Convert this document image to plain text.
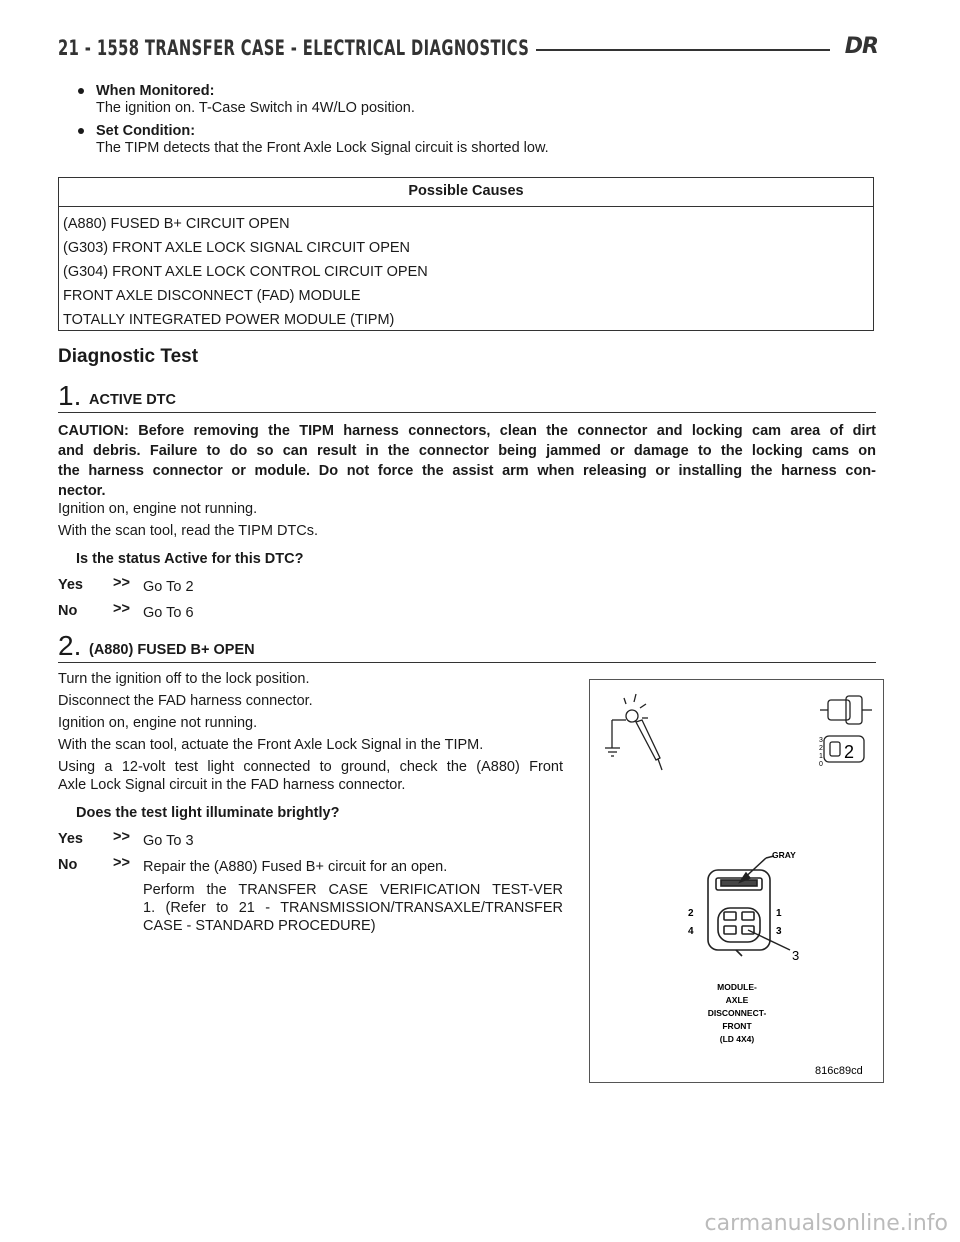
21 - 1558 TRANSFER CASE - ELECTRICAL DIAGNOSTICS	DR
When Monitored:
The ignition on. T-Case Switch in 4W/LO position.
Set Condition:
The TIPM detects that the Front Axle Lock Signal circuit is shorted low.
Possible Causes
(A880) FUSED B+ CIRCUIT OPEN
(G303) FRONT AXLE LOCK SIGNAL CIRCUIT OPEN
(G304) FRONT AXLE LOCK CONTROL CIRCUIT OPEN
FRONT AXLE DISCONNECT (FAD) MODULE
TOTALLY INTEGRATED POWER MODULE (TIPM)
Diagnostic Test
1. ACTIVE DTC
CAUTION: Before removing the TIPM harness connectors, clean the connector and locking cam area of dirt
and debris. Failure to do so can result in the connector being jammed or damage to the locking cams on
the harness connector or module. Do not force the assist arm when releasing or installing the harness con-
nector.
Ignition on, engine not running.
With the scan tool, read the TIPM DTCs.
Is the status Active for this DTC?
Yes >> Go To 2
No >> Go To 6
2. (A880) FUSED B+ OPEN
Turn the ignition off to the lock position.
Disconnect the FAD harness connector.
Ignition on, engine not running.
With the scan tool, actuate the Front Axle Lock Signal in the TIPM.
Using a 12-volt test light connected to ground, check the (A880) Front
Axle Lock Signal circuit in the FAD harness connector.
Does the test light illuminate brightly?
Yes >> Go To 3
No >> Repair the (A880) Fused B+ circuit for an open.
Perform the TRANSFER CASE VERIFICATION TEST-VER
1. (Refer to 21 - TRANSMISSION/TRANSAXLE/TRANSFER
CASE - STANDARD PROCEDURE)
3
2
1
0
2
GRAY
2	1
4	3
3
MODULE-
AXLE
DISCONNECT-
FRONT
(LD 4X4)
816c89cd
carmanualsonline.info
